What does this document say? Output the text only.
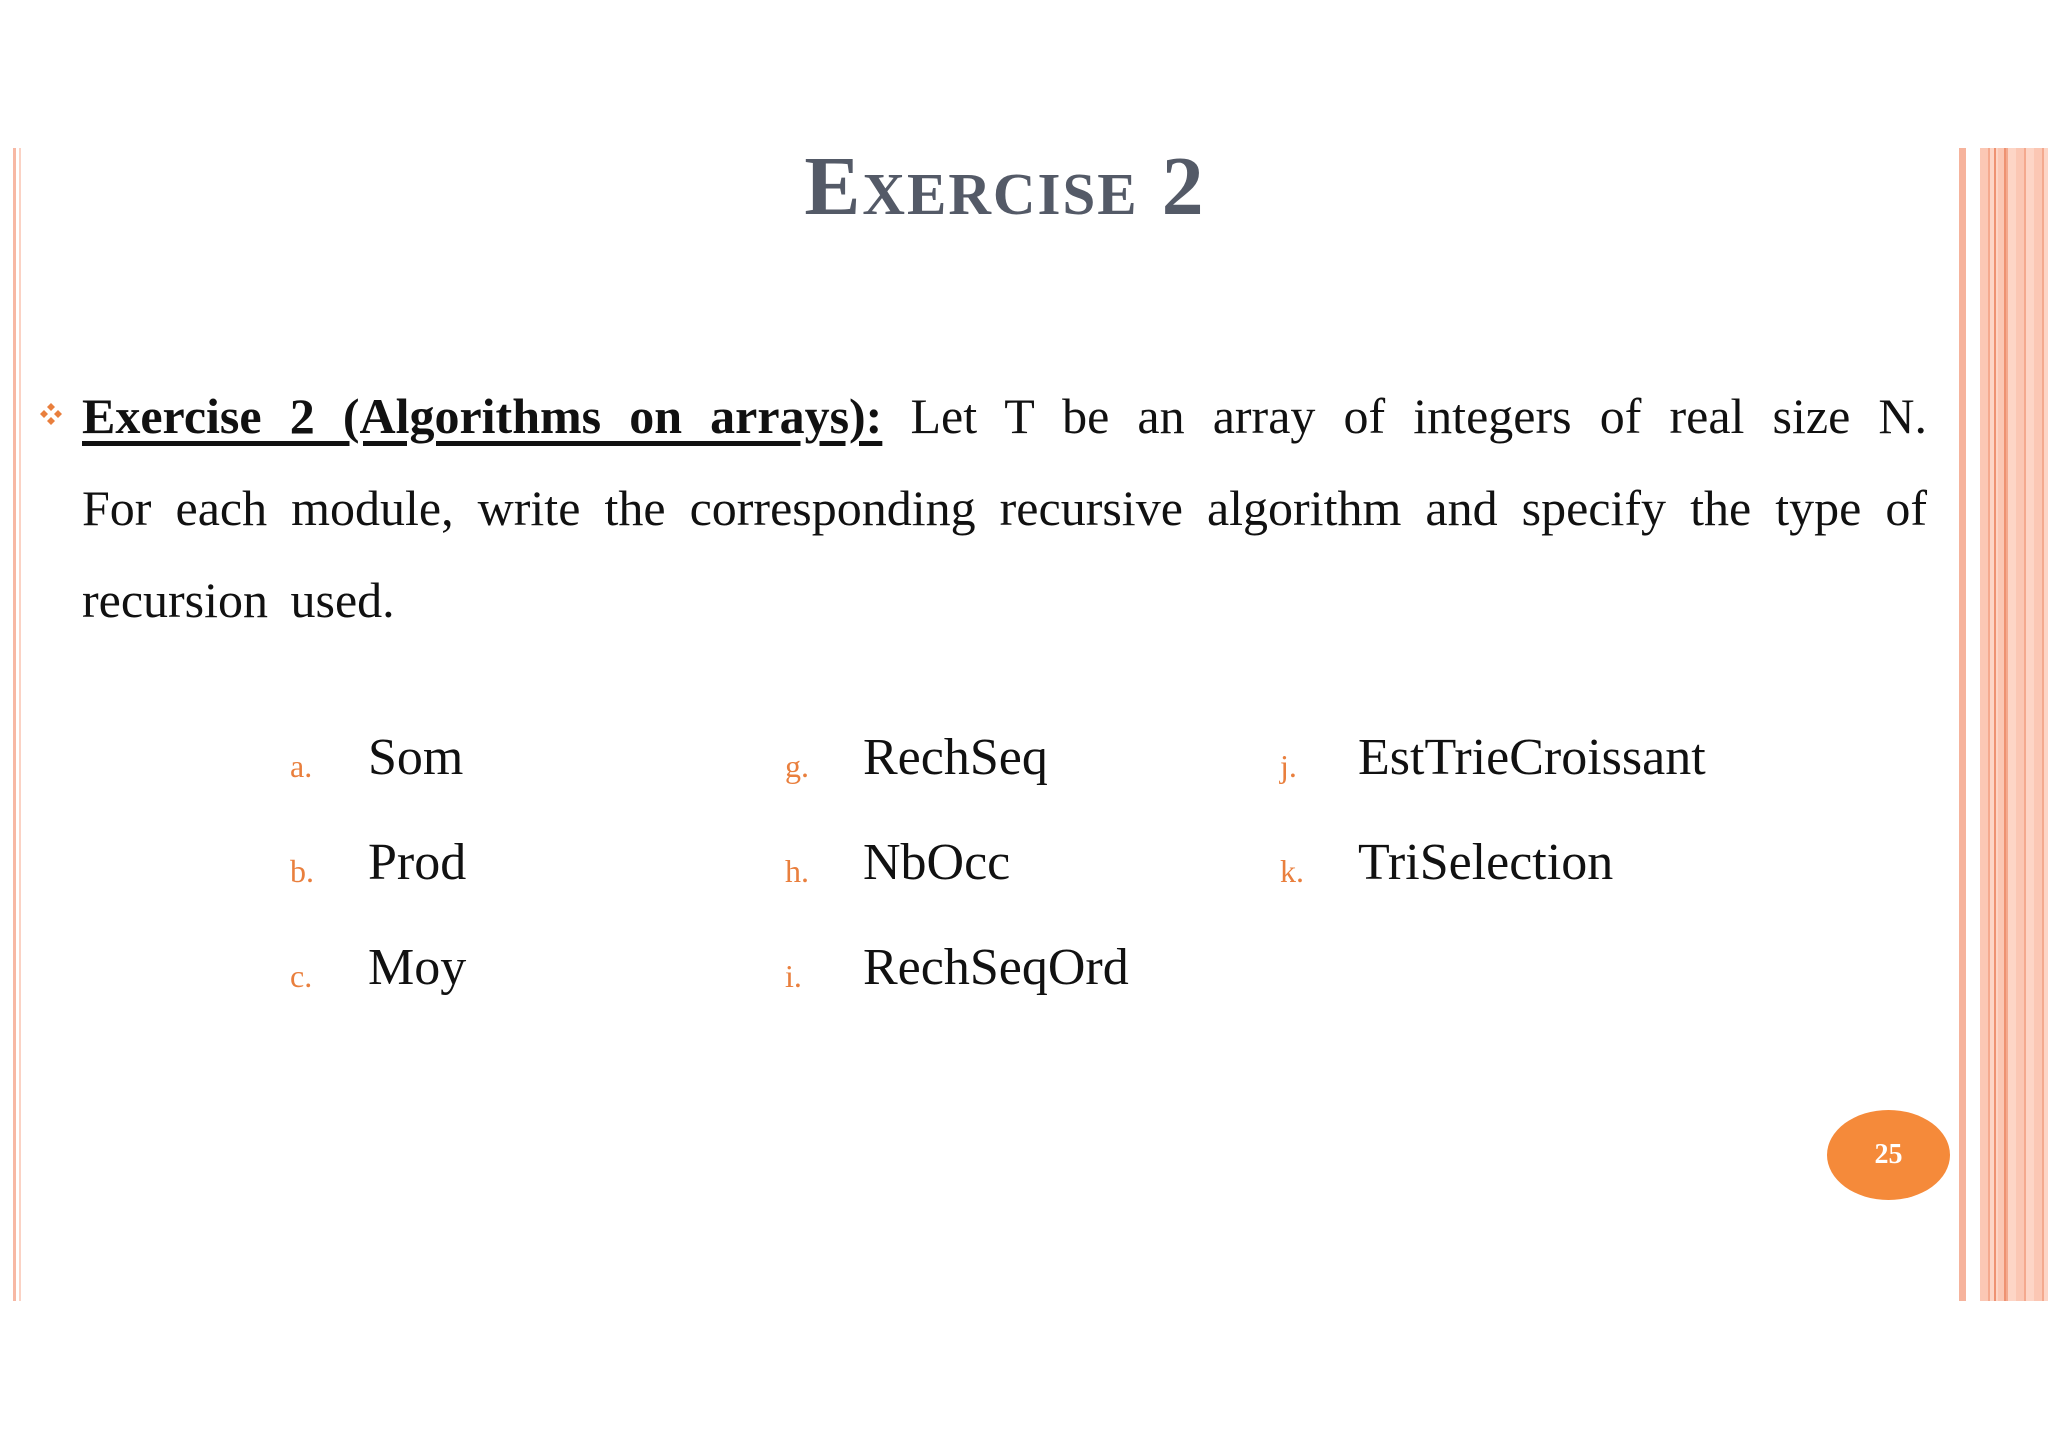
Exercise 2
Exercise 2 (Algorithms on arrays): Let T be an array of integers of real size N. For each module, write the corresponding recursive algorithm and specify the type of recursion used.
a. Som
b. Prod
c. Moy
g. RechSeq
h. NbOcc
i. RechSeqOrd
j. EstTrieCroissant
k. TriSelection
25
